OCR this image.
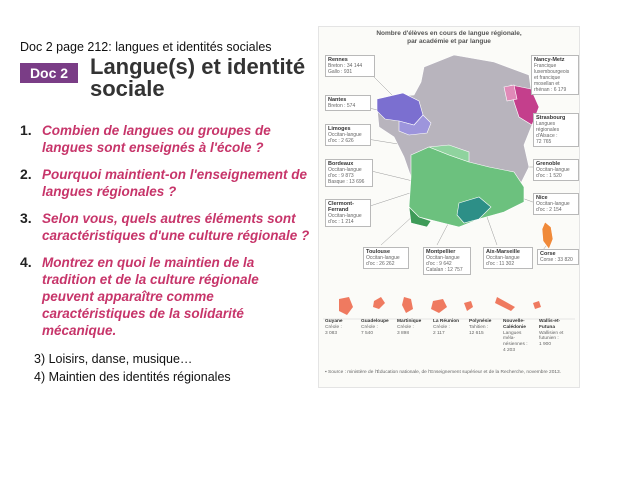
Doc 2 page 212: langues et identités sociales
Doc 2 Langue(s) et identité sociale
1. Combien de langues ou groupes de langues sont enseignés à l'école ?
2. Pourquoi maintient-on l'enseignement de langues régionales ?
3. Selon vous, quels autres éléments sont caractéristiques d'une culture régionale ?
4. Montrez en quoi le maintien de la tradition et de la culture régionale peuvent apparaître comme caractéristiques de la solidarité mécanique.
3) Loisirs, danse, musique…
4) Maintien des identités régionales
Nombre d'élèves en cours de langue régionale,
par académie et par langue
Rennes
Breton : 34 144
Gallo : 931
Nantes
Breton : 574
Limoges
Occitan-langue
d'oc : 2 626
Bordeaux
Occitan-langue
d'oc : 9 873
Basque : 13 696
Clermont-Ferrand
Occitan-langue
d'oc : 1 214
Toulouse
Occitan-langue
d'oc : 26 262
Montpellier
Occitan-langue
d'oc : 9 642
Catalan : 12 757
Aix-Marseille
Occitan-langue
d'oc : 11 302
Corse
Corse : 33 820
Nancy-Metz
Francique
luxembourgeois
et francique
mosellan et
rhénan : 6 179
Strasbourg
Langues
régionales
d'Alsace :
72 765
Grenoble
Occitan-langue
d'oc : 1 520
Nice
Occitan-langue
d'oc : 2 154
Guyane
Créole :
3 083
Guadeloupe
Créole :
7 540
Martinique
Créole :
3 898
La Réunion
Créole :
2 117
Polynésie
Tahitien :
12 615
Nouvelle-Calédonie
Langues
méla-
nésiennes :
4 203
Wallis-et-Futuna
Wallisien et
futunien :
1 900
▪ Source : ministère de l'Éducation nationale, de l'Enseignement supérieur et de la Recherche, novembre 2013.
